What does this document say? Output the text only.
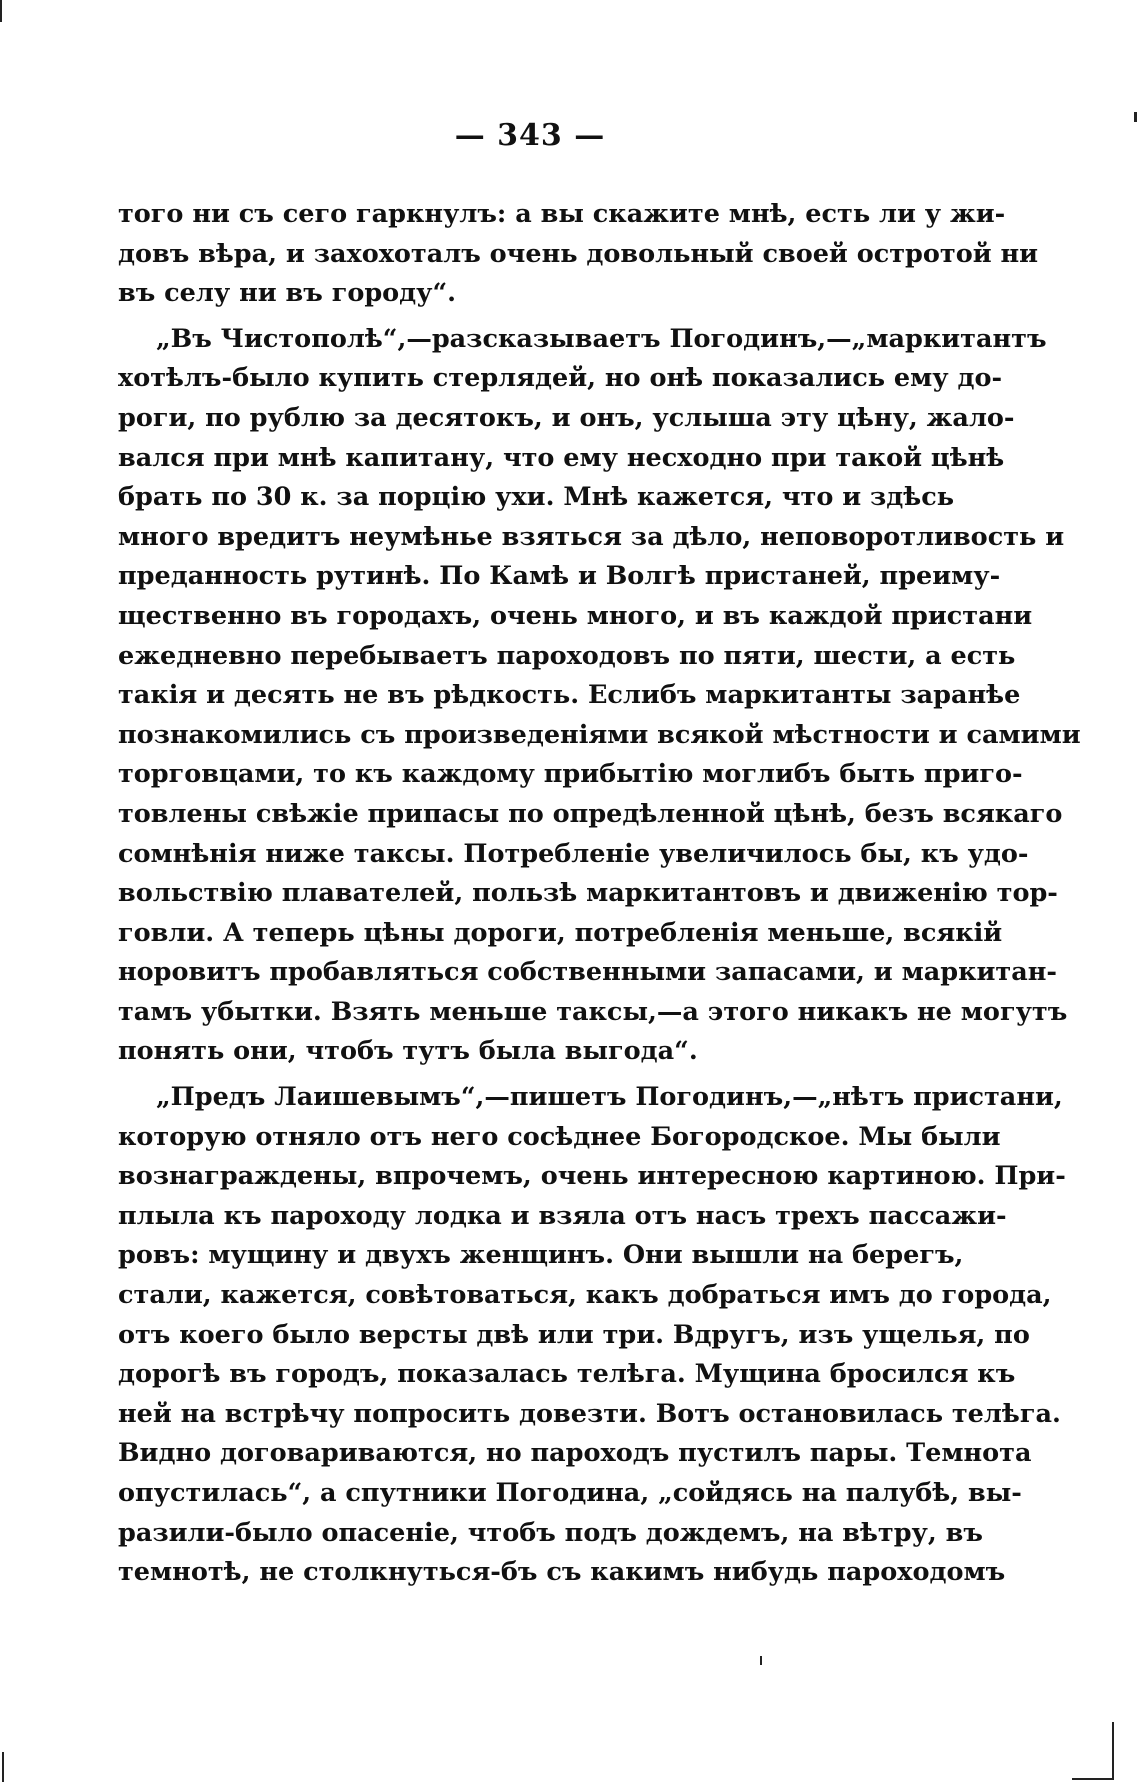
— 343 —
того ни съ сего гаркнулъ: а вы скажите мнѣ, есть ли у жи-
довъ вѣра, и захохоталъ очень довольный своей остротой ни
въ селу ни въ городу“.
„Въ Чистополѣ“,—разсказываетъ Погодинъ,—„маркитантъ
хотѣлъ-было купить стерлядей, но онѣ показались ему до-
роги, по рублю за десятокъ, и онъ, услыша эту цѣну, жало-
вался при мнѣ капитану, что ему несходно при такой цѣнѣ
брать по 30 к. за порцію ухи. Мнѣ кажется, что и здѣсь
много вредитъ неумѣнье взяться за дѣло, неповоротливость и
преданность рутинѣ. По Камѣ и Волгѣ пристаней, преиму-
щественно въ городахъ, очень много, и въ каждой пристани
ежедневно перебываетъ пароходовъ по пяти, шести, а есть
такія и десять не въ рѣдкость. Еслибъ маркитанты заранѣе
познакомились съ произведеніями всякой мѣстности и самими
торговцами, то къ каждому прибытію моглибъ быть приго-
товлены свѣжіе припасы по опредѣленной цѣнѣ, безъ всякаго
сомнѣнія ниже таксы. Потребленіе увеличилось бы, къ удо-
вольствію плавателей, пользѣ маркитантовъ и движенію тор-
говли. А теперь цѣны дороги, потребленія меньше, всякій
норовитъ пробавляться собственными запасами, и маркитан-
тамъ убытки. Взять меньше таксы,—а этого никакъ не могутъ
понять они, чтобъ тутъ была выгода“.
„Предъ Лаишевымъ“,—пишетъ Погодинъ,—„нѣтъ пристани,
которую отняло отъ него сосѣднее Богородское. Мы были
вознаграждены, впрочемъ, очень интересною картиною. При-
плыла къ пароходу лодка и взяла отъ насъ трехъ пассажи-
ровъ: мущину и двухъ женщинъ. Они вышли на берегъ,
стали, кажется, совѣтоваться, какъ добраться имъ до города,
отъ коего было версты двѣ или три. Вдругъ, изъ ущелья, по
дорогѣ въ городъ, показалась телѣга. Мущина бросился къ
ней на встрѣчу попросить довезти. Вотъ остановилась телѣга.
Видно договариваются, но пароходъ пустилъ пары. Темнота
опустилась“, а спутники Погодина, „сойдясь на палубѣ, вы-
разили-было опасеніе, чтобъ подъ дождемъ, на вѣтру, въ
темнотѣ, не столкнуться-бъ съ какимъ нибудь пароходомъ
